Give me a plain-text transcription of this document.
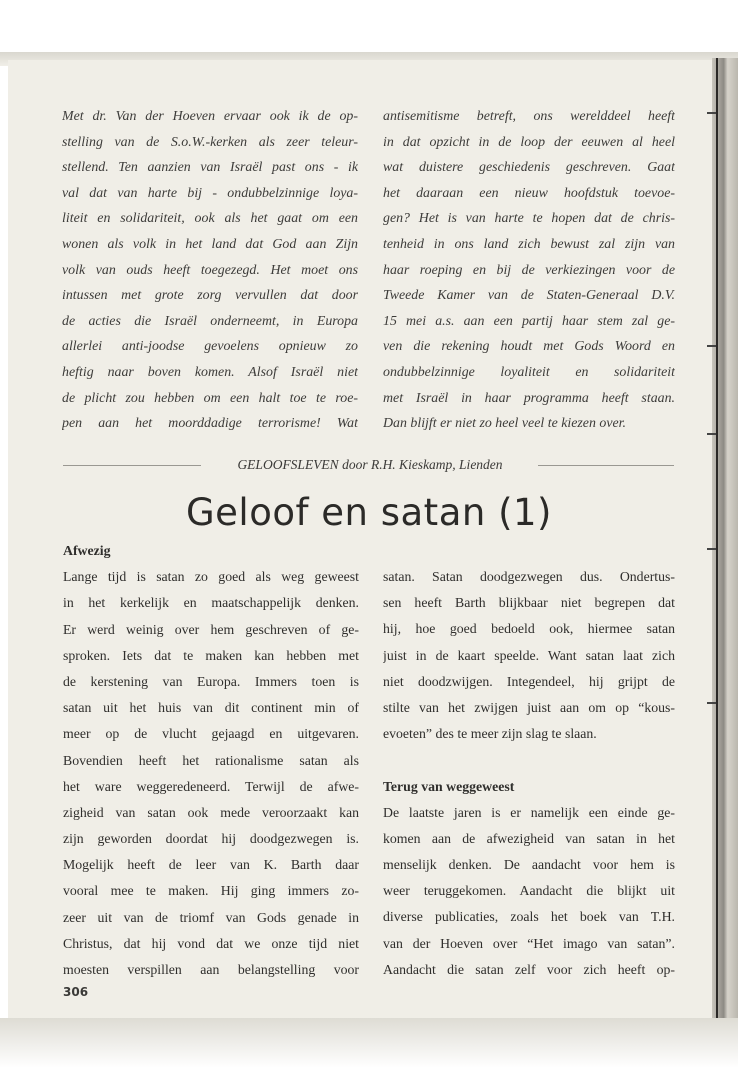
Met dr. Van der Hoeven ervaar ook ik de op-
stelling van de S.o.W.-kerken als zeer teleur-
stellend. Ten aanzien van Israël past ons - ik
val dat van harte bij - ondubbelzinnige loya-
liteit en solidariteit, ook als het gaat om een
wonen als volk in het land dat God aan Zijn
volk van ouds heeft toegezegd. Het moet ons
intussen met grote zorg vervullen dat door
de acties die Israël onderneemt, in Europa
allerlei anti-joodse gevoelens opnieuw zo
heftig naar boven komen. Alsof Israël niet
de plicht zou hebben om een halt toe te roe-
pen aan het moorddadige terrorisme! Wat
antisemitisme betreft, ons werelddeel heeft
in dat opzicht in de loop der eeuwen al heel
wat duistere geschiedenis geschreven. Gaat
het daaraan een nieuw hoofdstuk toevoe-
gen? Het is van harte te hopen dat de chris-
tenheid in ons land zich bewust zal zijn van
haar roeping en bij de verkiezingen voor de
Tweede Kamer van de Staten-Generaal D.V.
15 mei a.s. aan een partij haar stem zal ge-
ven die rekening houdt met Gods Woord en
ondubbelzinnige loyaliteit en solidariteit
met Israël in haar programma heeft staan.
Dan blijft er niet zo heel veel te kiezen over.
GELOOFSLEVEN door R.H. Kieskamp, Lienden
Geloof en satan (1)
Afwezig
Lange tijd is satan zo goed als weg geweest
in het kerkelijk en maatschappelijk denken.
Er werd weinig over hem geschreven of ge-
sproken. Iets dat te maken kan hebben met
de kerstening van Europa. Immers toen is
satan uit het huis van dit continent min of
meer op de vlucht gejaagd en uitgevaren.
Bovendien heeft het rationalisme satan als
het ware weggeredeneerd. Terwijl de afwe-
zigheid van satan ook mede veroorzaakt kan
zijn geworden doordat hij doodgezwegen is.
Mogelijk heeft de leer van K. Barth daar
vooral mee te maken. Hij ging immers zo-
zeer uit van de triomf van Gods genade in
Christus, dat hij vond dat we onze tijd niet
moesten verspillen aan belangstelling voor
satan. Satan doodgezwegen dus. Ondertus-
sen heeft Barth blijkbaar niet begrepen dat
hij, hoe goed bedoeld ook, hiermee satan
juist in de kaart speelde. Want satan laat zich
niet doodzwijgen. Integendeel, hij grijpt de
stilte van het zwijgen juist aan om op “kous-
evoeten” des te meer zijn slag te slaan.
Terug van weggeweest
De laatste jaren is er namelijk een einde ge-
komen aan de afwezigheid van satan in het
menselijk denken. De aandacht voor hem is
weer teruggekomen. Aandacht die blijkt uit
diverse publicaties, zoals het boek van T.H.
van der Hoeven over “Het imago van satan”.
Aandacht die satan zelf voor zich heeft op-
306
